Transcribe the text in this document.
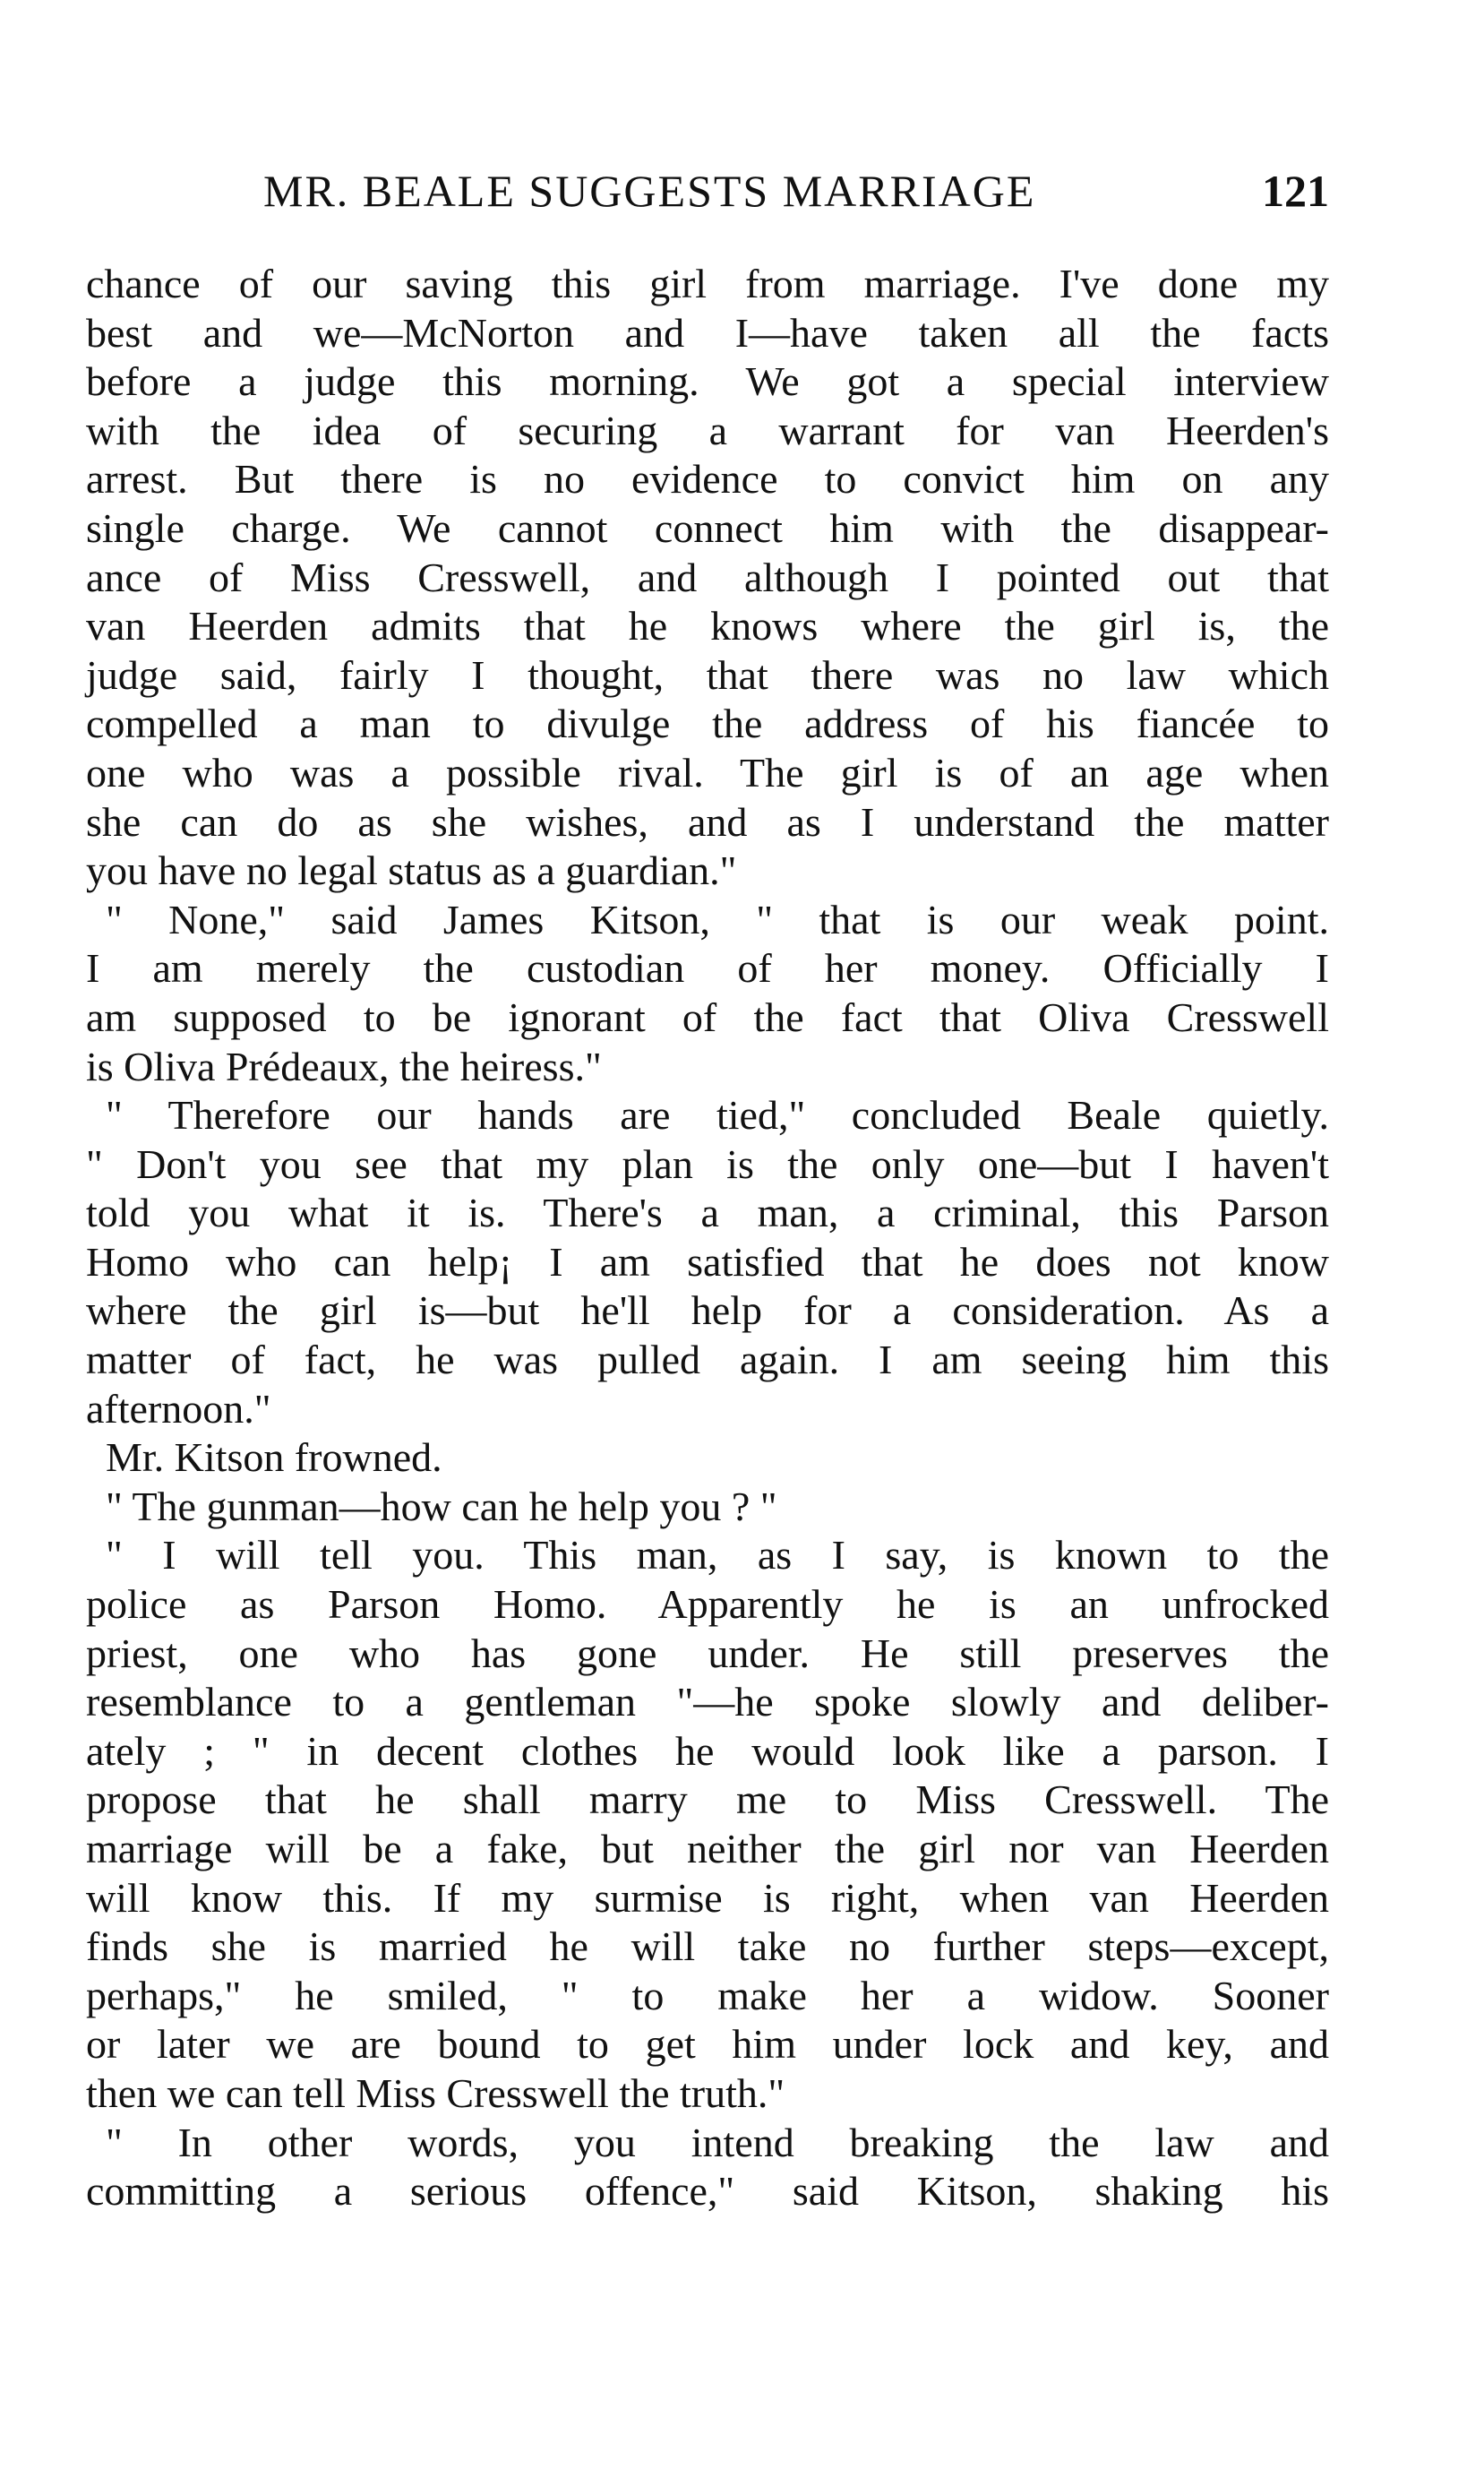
MR. BEALE SUGGESTS MARRIAGE	121
chance of our saving this girl from marriage. I've done my
best and we—McNorton and I—have taken all the facts
before a judge this morning. We got a special interview
with the idea of securing a warrant for van Heerden's
arrest. But there is no evidence to convict him on any
single charge. We cannot connect him with the disappear-
ance of Miss Cresswell, and although I pointed out that
van Heerden admits that he knows where the girl is, the
judge said, fairly I thought, that there was no law which
compelled a man to divulge the address of his fiancée to
one who was a possible rival. The girl is of an age when
she can do as she wishes, and as I understand the matter
you have no legal status as a guardian."
" None," said James Kitson, " that is our weak point.
I am merely the custodian of her money. Officially I
am supposed to be ignorant of the fact that Oliva Cresswell
is Oliva Prédeaux, the heiress."
" Therefore our hands are tied," concluded Beale quietly.
" Don't you see that my plan is the only one—but I haven't
told you what it is. There's a man, a criminal, this Parson
Homo who can help¡ I am satisfied that he does not know
where the girl is—but he'll help for a consideration. As a
matter of fact, he was pulled again. I am seeing him this
afternoon."
Mr. Kitson frowned.
" The gunman—how can he help you ? "
" I will tell you. This man, as I say, is known to the
police as Parson Homo. Apparently he is an unfrocked
priest, one who has gone under. He still preserves the
resemblance to a gentleman "—he spoke slowly and deliber-
ately ; " in decent clothes he would look like a parson. I
propose that he shall marry me to Miss Cresswell. The
marriage will be a fake, but neither the girl nor van Heerden
will know this. If my surmise is right, when van Heerden
finds she is married he will take no further steps—except,
perhaps," he smiled, " to make her a widow. Sooner
or later we are bound to get him under lock and key, and
then we can tell Miss Cresswell the truth."
" In other words, you intend breaking the law and
committing a serious offence," said Kitson, shaking his
